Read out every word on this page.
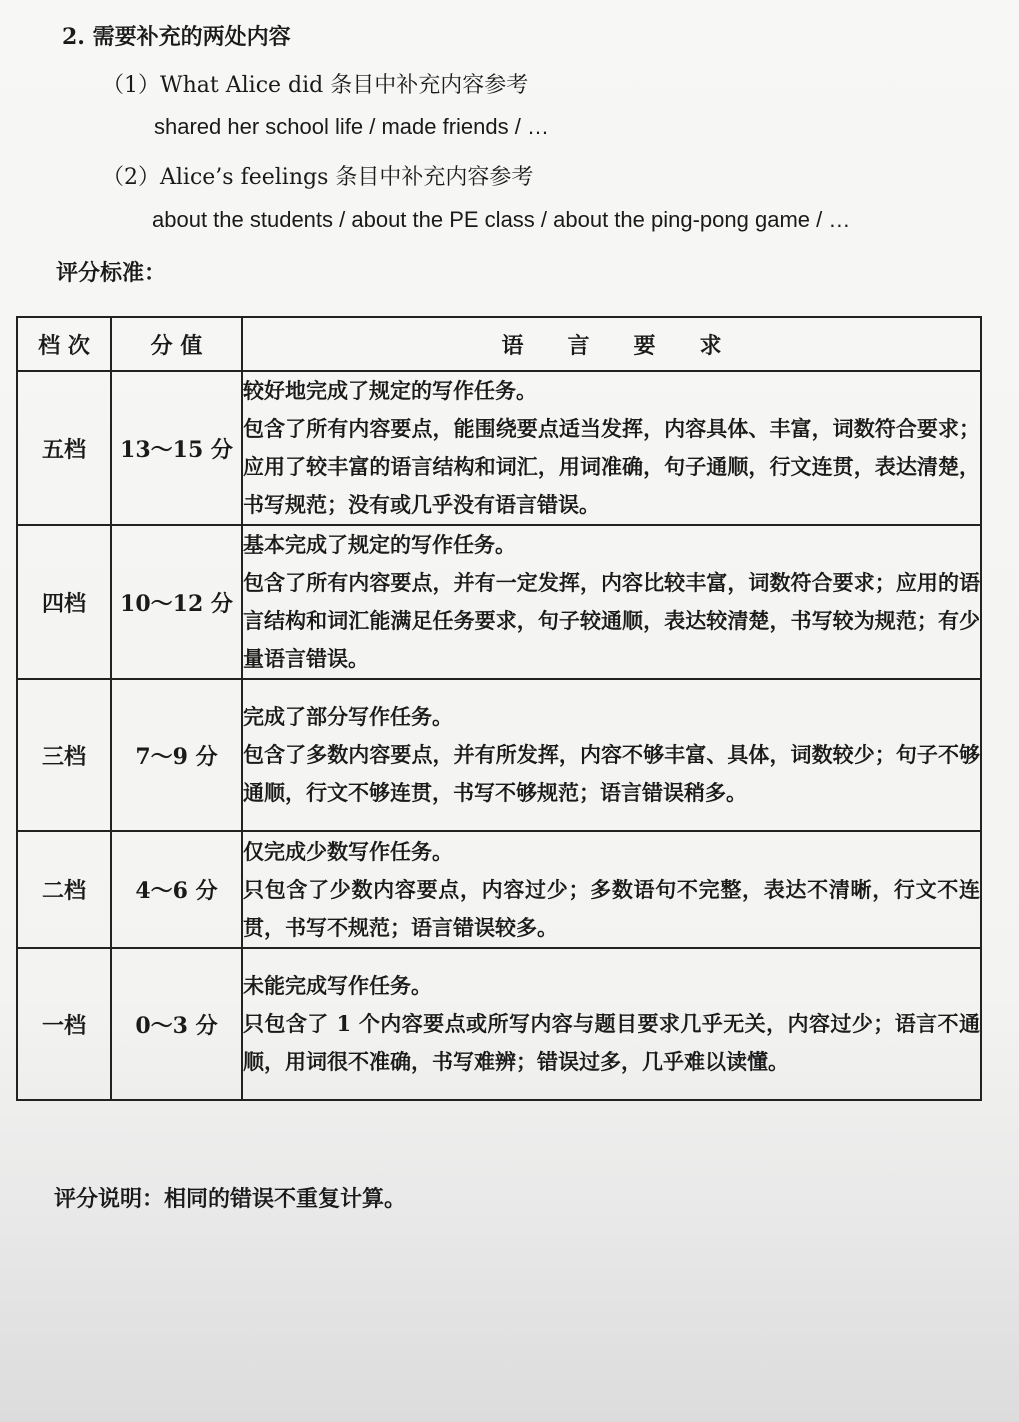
2. 需要补充的两处内容
（1）What Alice did 条目中补充内容参考
shared her school life / made friends / …
（2）Alice’s feelings 条目中补充内容参考
about the students / about the PE class / about the ping-pong game / …
评分标准：
档 次	分 值	语　　言　　要　　求
五档	13～15 分	较好地完成了规定的写作任务。
包含了所有内容要点，能围绕要点适当发挥，内容具体、丰富，词数符合要求；应用了较丰富的语言结构和词汇，用词准确，句子通顺，行文连贯，表达清楚，书写规范；没有或几乎没有语言错误。

四档	10～12 分	基本完成了规定的写作任务。
包含了所有内容要点，并有一定发挥，内容比较丰富，词数符合要求；应用的语言结构和词汇能满足任务要求，句子较通顺，表达较清楚，书写较为规范；有少量语言错误。

三档	7～9 分	完成了部分写作任务。
包含了多数内容要点，并有所发挥，内容不够丰富、具体，词数较少；句子不够通顺，行文不够连贯，书写不够规范；语言错误稍多。

二档	4～6 分	仅完成少数写作任务。
只包含了少数内容要点，内容过少；多数语句不完整，表达不清晰，行文不连贯，书写不规范；语言错误较多。

一档	0～3 分	未能完成写作任务。
只包含了 1 个内容要点或所写内容与题目要求几乎无关，内容过少；语言不通顺，用词很不准确，书写难辨；错误过多，几乎难以读懂。
评分说明：相同的错误不重复计算。
